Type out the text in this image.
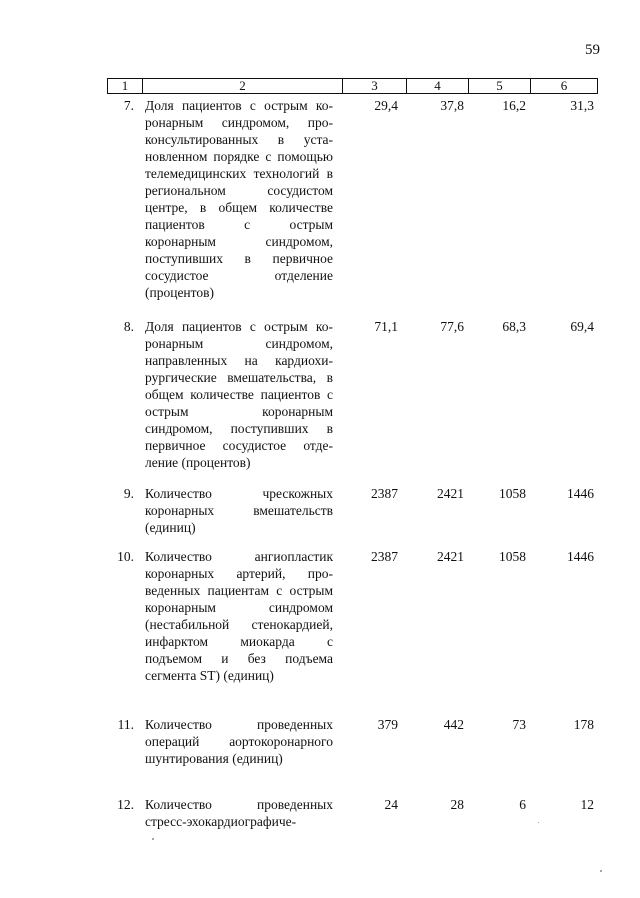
59
1	2	3	4	5	6
7. Доля пациентов с острым коронарным синдромом, проконсультированных в установленном порядке с помощью телемедицинских технологий в региональном сосудистом центре, в общем количестве пациентов с острым коронарным синдромом, поступивших в первичное сосудистое отделение (процентов)
29,4	37,8	16,2	31,3
8. Доля пациентов с острым коронарным синдромом, направленных на кардиохирургические вмешательства, в общем количестве пациентов с острым коронарным синдромом, поступивших в первичное сосудистое отделение (процентов)
71,1	77,6	68,3	69,4
9. Количество чрескожных коронарных вмешательств (единиц)
2387	2421	1058	1446
10. Количество ангиопластик коронарных артерий, проведенных пациентам с острым коронарным синдромом (нестабильной стенокардией, инфарктом миокарда с подъемом и без подъема сегмента ST) (единиц)
2387	2421	1058	1446
11. Количество проведенных операций аортокоронарного шунтирования (единиц)
379	442	73	178
12. Количество проведенных стресс-эхокардиографиче-
24	28	6	12
